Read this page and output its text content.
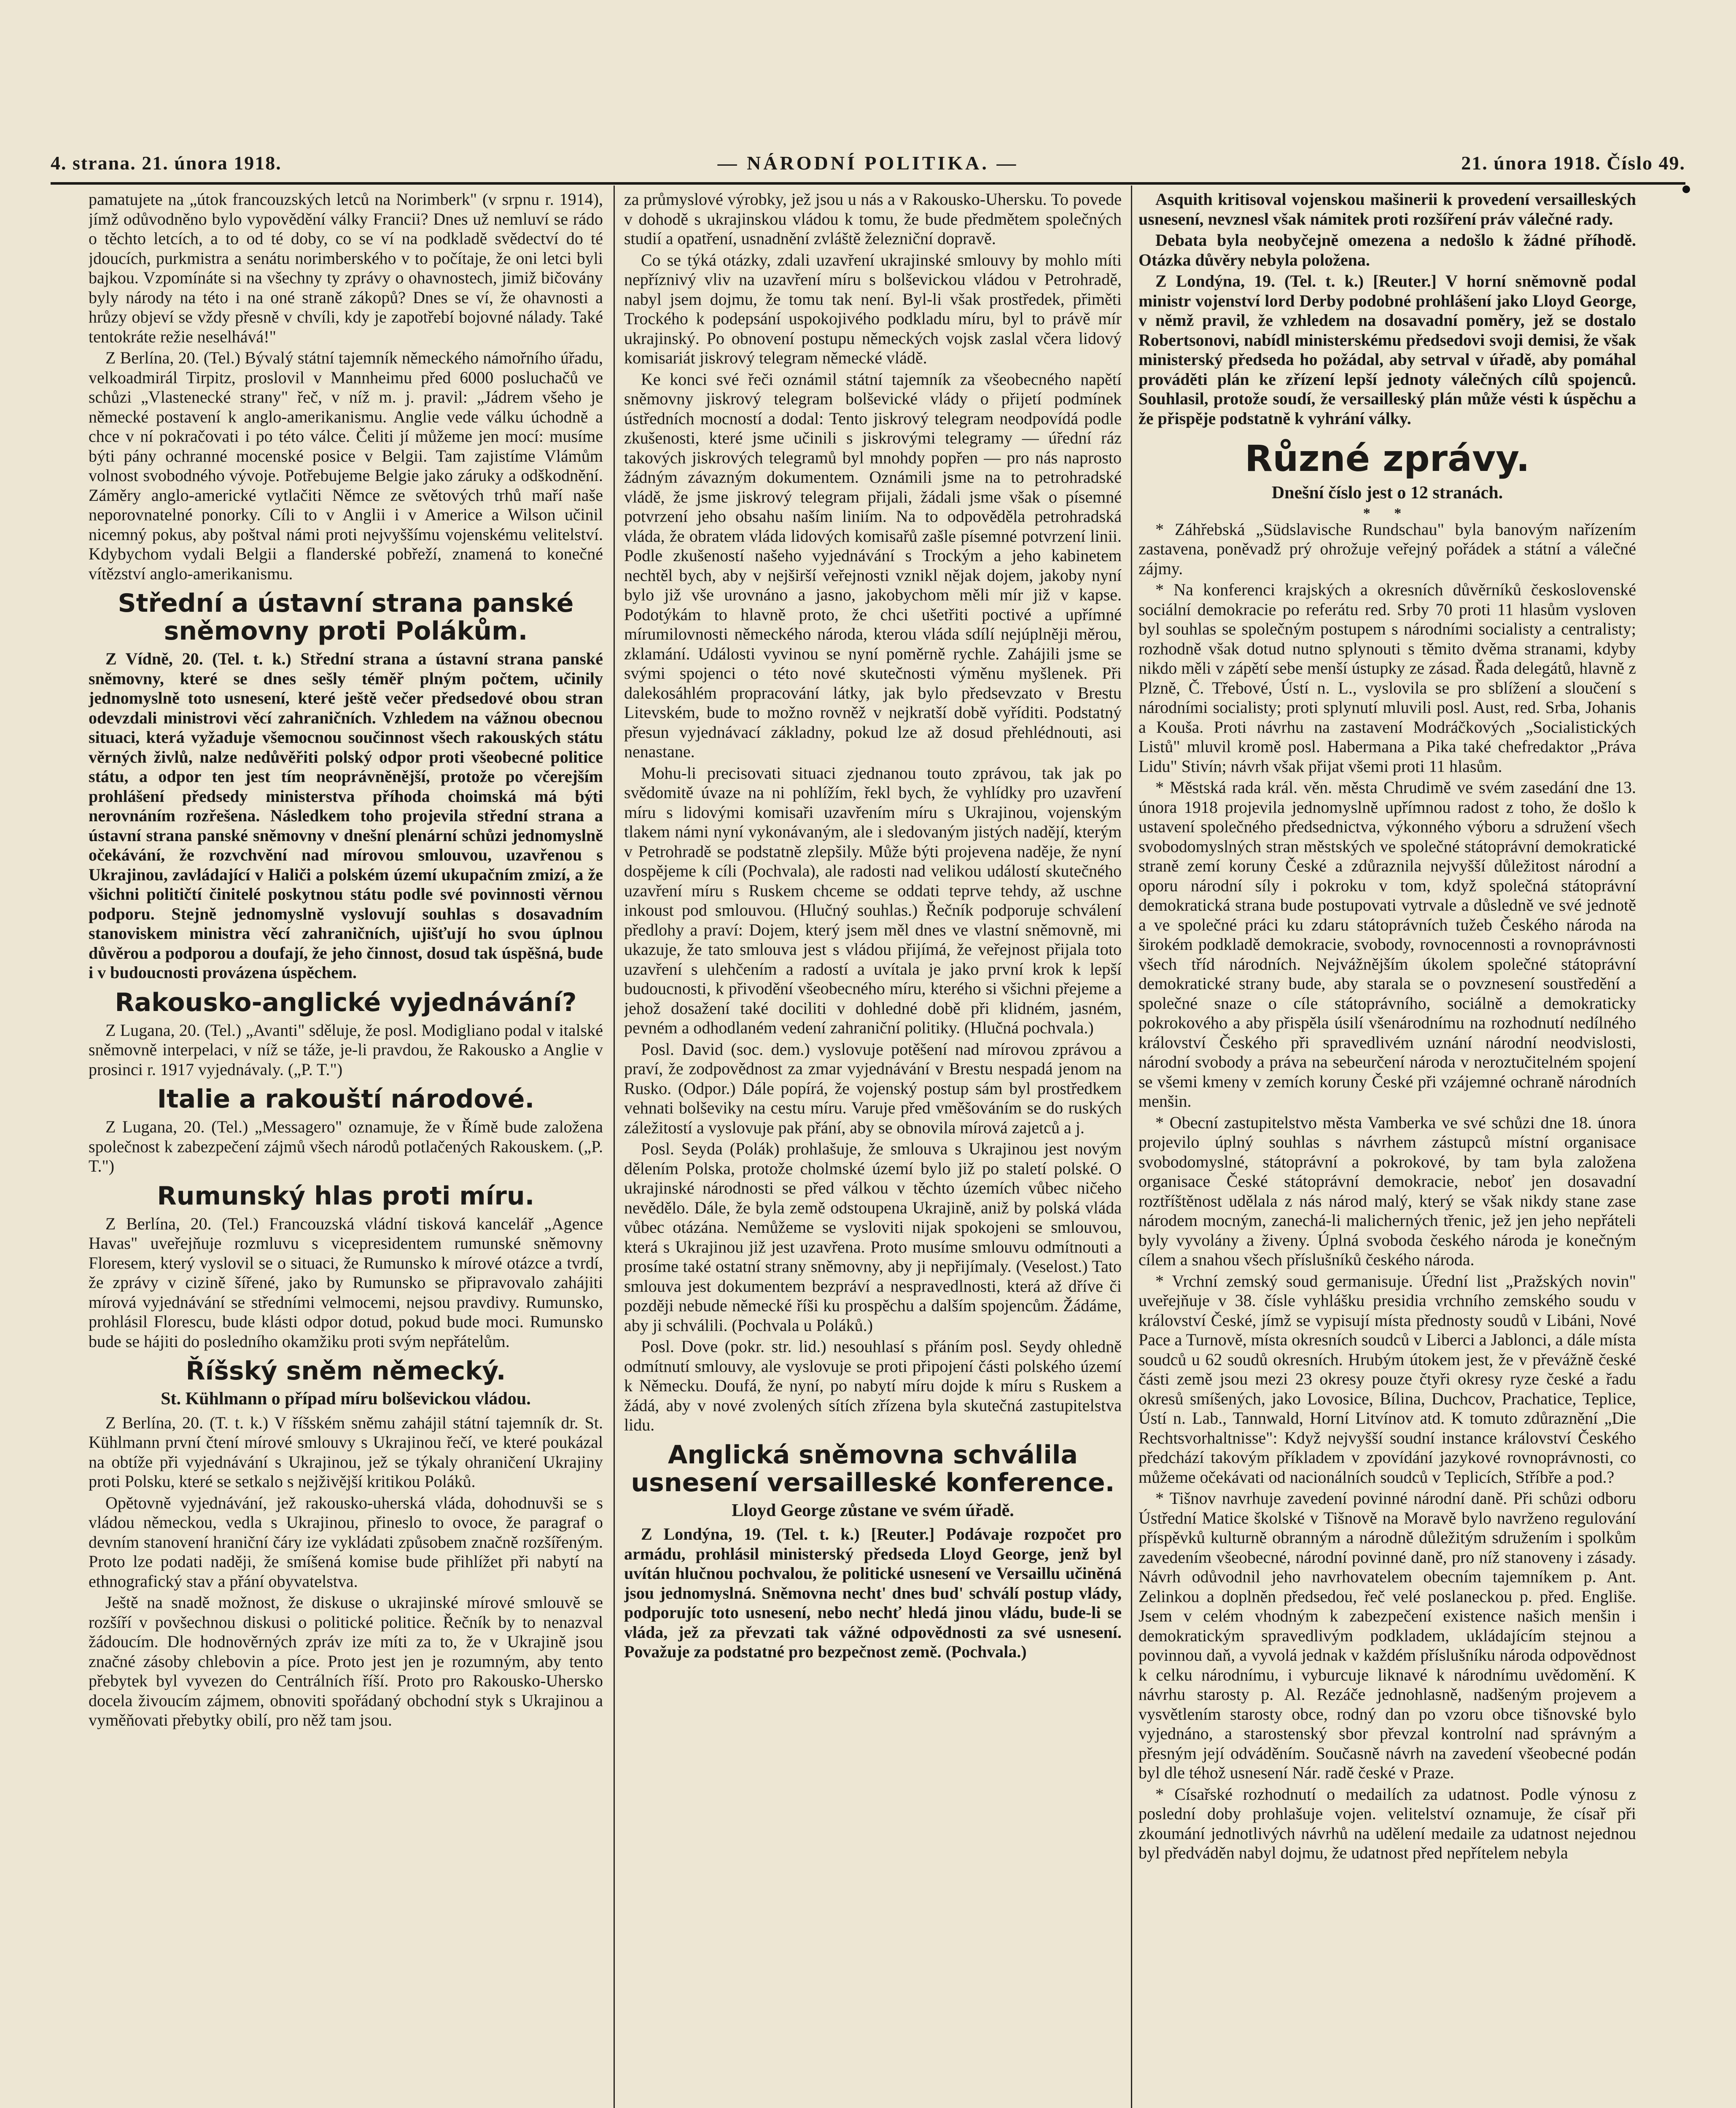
4. strana. 21. února 1918.	— NÁRODNÍ POLITIKA. —	21. února 1918. Číslo 49.

pamatujete na „útok francouzských letců na Norimberk" (v srpnu r. 1914), jímž odůvodněno bylo vypovědění války Francii? Dnes už nemluví se rádo o těchto letcích, a to od té doby, co se ví na podkladě svědectví do té jdoucích, purkmistra a senátu norimberského v to počítaje, že oni letci byli bajkou. Vzpomínáte si na všechny ty zprávy o ohavnostech, jimiž bičovány byly národy na této i na oné straně zákopů? Dnes se ví, že ohavnosti a hrůzy objeví se vždy přesně v chvíli, kdy je zapotřebí bojovné nálady. Také tentokráte režie neselhává!"

Z Berlína, 20. (Tel.) Bývalý státní tajemník německého námořního úřadu, velkoadmirál Tirpitz, proslovil v Mannheimu před 6000 posluchačů ve schůzi „Vlastenecké strany" řeč, v níž m. j. pravil: „Jádrem všeho je německé postavení k anglo-amerikanismu. Anglie vede válku úchodně a chce v ní pokračovati i po této válce. Čeliti jí můžeme jen mocí: musíme býti pány ochranné mocenské posice v Belgii. Tam zajistíme Vlámům volnost svobodného vývoje. Potřebujeme Belgie jako záruky a odškodnění. Záměry anglo-americké vytlačiti Němce ze světových trhů maří naše neporovnatelné ponorky. Cíli to v Anglii i v Americe a Wilson učinil nicemný pokus, aby poštval námi proti nejvyššímu vojenskému velitelství. Kdybychom vydali Belgii a flanderské pobřeží, znamená to konečné vítězství anglo-amerikanismu.

Střední a ústavní strana panské sněmovny proti Polákům.

Z Vídně, 20. (Tel. t. k.) Střední strana a ústavní strana panské sněmovny, které se dnes sešly téměř plným počtem, učinily jednomyslně toto usnesení, které ještě večer předsedové obou stran odevzdali ministrovi věcí zahraničních. Vzhledem na vážnou obecnou situaci, která vyžaduje všemocnou součinnost všech rakouských státu věrných živlů, nalze nedůvěřiti polský odpor proti všeobecné politice státu, a odpor ten jest tím neoprávněnější, protože po včerejším prohlášení předsedy ministerstva příhoda choimská má býti nerovnáním rozřešena. Následkem toho projevila střední strana a ústavní strana panské sněmovny v dnešní plenární schůzi jednomyslně očekávání, že rozvchvění nad mírovou smlouvou, uzavřenou s Ukrajinou, zavládající v Haliči a polském území ukupačním zmizí, a že všichni političtí činitelé poskytnou státu podle své povinnosti věrnou podporu. Stejně jednomyslně vyslovují souhlas s dosavadním stanoviskem ministra věcí zahraničních, ujišťují ho svou úplnou důvěrou a podporou a doufají, že jeho činnost, dosud tak úspěšná, bude i v budoucnosti provázena úspěchem.

Rakousko-anglické vyjednávání?

Z Lugana, 20. (Tel.) „Avanti" sděluje, že posl. Modigliano podal v italské sněmovně interpelaci, v níž se táže, je-li pravdou, že Rakousko a Anglie v prosinci r. 1917 vyjednávaly. („P. T.")

Italie a rakouští národové.

Z Lugana, 20. (Tel.) „Messagero" oznamuje, že v Římě bude založena společnost k zabezpečení zájmů všech národů potlačených Rakouskem. („P. T.")

Rumunský hlas proti míru.

Z Berlína, 20. (Tel.) Francouzská vládní tisková kancelář „Agence Havas" uveřejňuje rozmluvu s vicepresidentem rumunské sněmovny Floresem, který vyslovil se o situaci, že Rumunsko k mírové otázce a tvrdí, že zprávy v cizině šířené, jako by Rumunsko se připravovalo zahájiti mírová vyjednávání se středními velmocemi, nejsou pravdivy. Rumunsko, prohlásil Florescu, bude klásti odpor dotud, pokud bude moci. Rumunsko bude se hájiti do posledního okamžiku proti svým nepřátelům.

Říšský sněm německý.
St. Kühlmann o případ míru bolševickou vládou.

Z Berlína, 20. (T. t. k.) V říšském sněmu zahájil státní tajemník dr. St. Kühlmann první čtení mírové smlouvy s Ukrajinou řečí, ve které poukázal na obtíže při vyjednávání s Ukrajinou, jež se týkaly ohraničení Ukrajiny proti Polsku, které se setkalo s nejživější kritikou Poláků.

Opětovně vyjednávání, jež rakousko-uherská vláda, dohodnuvši se s vládou německou, vedla s Ukrajinou, přineslo to ovoce, že paragraf o devním stanovení hraniční čáry ize vykládati způsobem značně rozšířeným. Proto lze podati naději, že smíšená komise bude přihlížet při nabytí na ethnografický stav a přání obyvatelstva.

Ještě na snadě možnost, že diskuse o ukrajinské mírové smlouvě se rozšíří v povšechnou diskusi o politické politice. Řečník by to nenazval žádoucím. Dle hodnověrných zpráv ize míti za to, že v Ukrajině jsou značné zásoby chlebovin a píce. Proto jest jen je rozumným, aby tento přebytek byl vyvezen do Centrálních říší. Proto pro Rakousko-Uhersko docela živoucím zájmem, obnoviti spořádaný obchodní styk s Ukrajinou a vyměňovati přebytky obilí, pro něž tam jsou.

za průmyslové výrobky, jež jsou u nás a v Rakousko-Uhersku. To povede v dohodě s ukrajinskou vládou k tomu, že bude předmětem společných studií a opatření, usnadnění zvláště železniční dopravě.

Co se týká otázky, zdali uzavření ukrajinské smlouvy by mohlo míti nepříznivý vliv na uzavření míru s bolševickou vládou v Petrohradě, nabyl jsem dojmu, že tomu tak není. Byl-li však prostředek, přiměti Trockého k podepsání uspokojivého podkladu míru, byl to právě mír ukrajinský. Po obnovení postupu německých vojsk zaslal včera lidový komisariát jiskrový telegram německé vládě.

Ke konci své řeči oznámil státní tajemník za všeobecného napětí sněmovny jiskrový telegram bolševické vlády o přijetí podmínek ústředních mocností a dodal: Tento jiskrový telegram neodpovídá podle zkušenosti, které jsme učinili s jiskrovými telegramy — úřední ráz takových jiskrových telegramů byl mnohdy popřen — pro nás naprosto žádným závazným dokumentem. Oznámili jsme na to petrohradské vládě, že jsme jiskrový telegram přijali, žádali jsme však o písemné potvrzení jeho obsahu naším liniím. Na to odpověděla petrohradská vláda, že obratem vláda lidových komisařů zašle písemné potvrzení linii. Podle zkušeností našeho vyjednávání s Trockým a jeho kabinetem nechtěl bych, aby v nejširší veřejnosti vznikl nějak dojem, jakoby nyní bylo již vše urovnáno a jasno, jakobychom měli mír již v kapse. Podotýkám to hlavně proto, že chci ušetřiti poctivé a upřímné mírumilovnosti německého národa, kterou vláda sdílí nejúplněji měrou, zklamání. Události vyvinou se nyní poměrně rychle. Zahájili jsme se svými spojenci o této nové skutečnosti výměnu myšlenek. Při dalekosáhlém propracování látky, jak bylo předsevzato v Brestu Litevském, bude to možno rovněž v nejkratší době vyříditi. Podstatný přesun vyjednávací základny, pokud lze až dosud přehlédnouti, asi nenastane.

Mohu-li precisovati situaci zjednanou touto zprávou, tak jak po svědomitě úvaze na ni pohlížím, řekl bych, že vyhlídky pro uzavření míru s lidovými komisaři uzavřením míru s Ukrajinou, vojenským tlakem námi nyní vykonávaným, ale i sledovaným jistých nadějí, kterým v Petrohradě se podstatně zlepšily. Může býti projevena naděje, že nyní dospějeme k cíli (Pochvala), ale radosti nad velikou událostí skutečného uzavření míru s Ruskem chceme se oddati teprve tehdy, až uschne inkoust pod smlouvou. (Hlučný souhlas.) Řečník podporuje schválení předlohy a praví: Dojem, který jsem měl dnes ve vlastní sněmovně, mi ukazuje, že tato smlouva jest s vládou přijímá, že veřejnost přijala toto uzavření s ulehčením a radostí a uvítala je jako první krok k lepší budoucnosti, k přivodění všeobecného míru, kterého si všichni přejeme a jehož dosažení také dociliti v dohledné době při klidném, jasném, pevném a odhodlaném vedení zahraniční politiky. (Hlučná pochvala.)

Posl. David (soc. dem.) vyslovuje potěšení nad mírovou zprávou a praví, že zodpovědnost za zmar vyjednávání v Brestu nespadá jenom na Rusko. (Odpor.) Dále popírá, že vojenský postup sám byl prostředkem vehnati bolševiky na cestu míru. Varuje před vměšováním se do ruských záležitostí a vyslovuje pak přání, aby se obnovila mírová zajetců a j.

Posl. Seyda (Polák) prohlašuje, že smlouva s Ukrajinou jest novým dělením Polska, protože cholmské území bylo již po staletí polské. O ukrajinské národnosti se před válkou v těchto územích vůbec ničeho nevědělo. Dále, že byla země odstoupena Ukrajině, aniž by polská vláda vůbec otázána. Nemůžeme se vysloviti nijak spokojeni se smlouvou, která s Ukrajinou již jest uzavřena. Proto musíme smlouvu odmítnouti a prosíme také ostatní strany sněmovny, aby ji nepřijímaly. (Veselost.) Tato smlouva jest dokumentem bezpráví a nespravedlnosti, která až dříve či později nebude německé říši ku prospěchu a dalším spojencům. Žádáme, aby ji schválili. (Pochvala u Poláků.)

Posl. Dove (pokr. str. lid.) nesouhlasí s přáním posl. Seydy ohledně odmítnutí smlouvy, ale vyslovuje se proti připojení části polského území k Německu. Doufá, že nyní, po nabytí míru dojde k míru s Ruskem a žádá, aby v nové zvolených sítích zřízena byla skutečná zastupitelstva lidu.

Anglická sněmovna schválila usnesení versailleské konference.
Lloyd George zůstane ve svém úřadě.

Z Londýna, 19. (Tel. t. k.) [Reuter.] Podávaje rozpočet pro armádu, prohlásil ministerský předseda Lloyd George, jenž byl uvítán hlučnou pochvalou, že politické usnesení ve Versaillu učiněná jsou jednomyslná. Sněmovna necht' dnes bud' schválí postup vlády, podporujíc toto usnesení, nebo nechť hledá jinou vládu, bude-li se vláda, jež za převzati tak vážné odpovědnosti za své usnesení. Považuje za podstatné pro bezpečnost země. (Pochvala.)

Asquith kritisoval vojenskou mašinerii k provedení versailleských usnesení, nevznesl však námitek proti rozšíření práv válečné rady.

Debata byla neobyčejně omezena a nedošlo k žádné příhodě. Otázka důvěry nebyla položena.

Z Londýna, 19. (Tel. t. k.) [Reuter.] V horní sněmovně podal ministr vojenství lord Derby podobné prohlášení jako Lloyd George, v němž pravil, že vzhledem na dosavadní poměry, jež se dostalo Robertsonovi, nabídl ministerskému předsedovi svoji demisi, že však ministerský předseda ho požádal, aby setrval v úřadě, aby pomáhal prováděti plán ke zřízení lepší jednoty válečných cílů spojenců. Souhlasil, protože soudí, že versailleský plán může vésti k úspěchu a že přispěje podstatně k vyhrání války.

Různé zprávy.
Dnešní číslo jest o 12 stranách.
* *

* Záhřebská „Südslavische Rundschau" byla banovým nařízením zastavena, poněvadž prý ohrožuje veřejný pořádek a státní a válečné zájmy.

* Na konferenci krajských a okresních důvěrníků československé sociální demokracie po referátu red. Srby 70 proti 11 hlasům vysloven byl souhlas se společným postupem s národními socialisty a centralisty; rozhodně však dotud nutno splynouti s těmito dvěma stranami, kdyby nikdo měli v zápětí sebe menší ústupky ze zásad. Řada delegátů, hlavně z Plzně, Č. Třebové, Ústí n. L., vyslovila se pro sblížení a sloučení s národními socialisty; proti splynutí mluvili posl. Aust, red. Srba, Johanis a Kouša. Proti návrhu na zastavení Modráčkových „Socialistických Listů" mluvil kromě posl. Habermana a Pika také chefredaktor „Práva Lidu" Stivín; návrh však přijat všemi proti 11 hlasům.

* Městská rada král. věn. města Chrudimě ve svém zasedání dne 13. února 1918 projevila jednomyslně upřímnou radost z toho, že došlo k ustavení společného předsednictva, výkonného výboru a sdružení všech svobodomyslných stran městských ve společné státoprávní demokratické straně zemí koruny České a zdůraznila nejvyšší důležitost národní a oporu národní síly i pokroku v tom, když společná státoprávní demokratická strana bude postupovati vytrvale a důsledně ve své jednotě a ve společné práci ku zdaru státoprávních tužeb Českého národa na širokém podkladě demokracie, svobody, rovnocennosti a rovnoprávnosti všech tříd národních. Nejvážnějším úkolem společné státoprávní demokratické strany bude, aby starala se o povznesení soustředění a společné snaze o cíle státoprávního, sociálně a demokraticky pokrokového a aby přispěla úsilí všenárodnímu na rozhodnutí nedílného království Českého při spravedlivém uznání národní neodvislosti, národní svobody a práva na sebeurčení národa v neroztučitelném spojení se všemi kmeny v zemích koruny České při vzájemné ochraně národních menšin.

* Obecní zastupitelstvo města Vamberka ve své schůzi dne 18. února projevilo úplný souhlas s návrhem zástupců místní organisace svobodomyslné, státoprávní a pokrokové, by tam byla založena organisace České státoprávní demokracie, neboť jen dosavadní roztříštěnost udělala z nás národ malý, který se však nikdy stane zase národem mocným, zanechá-li malicherných třenic, jež jen jeho nepřáteli byly vyvolány a živeny. Úplná svoboda českého národa je konečným cílem a snahou všech příslušníků českého národa.

* Vrchní zemský soud germanisuje. Úřední list „Pražských novin" uveřejňuje v 38. čísle vyhlášku presidia vrchního zemského soudu v království České, jímž se vypisují místa přednosty soudů v Libáni, Nové Pace a Turnově, místa okresních soudců v Liberci a Jablonci, a dále místa soudců u 62 soudů okresních. Hrubým útokem jest, že v převážně české části země jsou mezi 23 okresy pouze čtyři okresy ryze české a řadu okresů smíšených, jako Lovosice, Bílina, Duchcov, Prachatice, Teplice, Ústí n. Lab., Tannwald, Horní Litvínov atd. K tomuto zdůraznění „Die Rechtsvorhaltnisse": Když nejvyšší soudní instance království Českého předchází takovým příkladem v zpovídání jazykové rovnoprávnosti, co můžeme očekávati od nacionálních soudců v Teplicích, Stříbře a pod.?

* Tišnov navrhuje zavedení povinné národní daně. Při schůzi odboru Ústřední Matice školské v Tišnově na Moravě bylo navrženo regulování příspěvků kulturně obranným a národně důležitým sdružením i spolkům zavedením všeobecné, národní povinné daně, pro níž stanoveny i zásady. Návrh odůvodnil jeho navrhovatelem obecním tajemníkem p. Ant. Zelinkou a doplněn předsedou, řeč velé poslaneckou p. před. Engliše. Jsem v celém vhodným k zabezpečení existence našich menšin i demokratickým spravedlivým podkladem, ukládajícím stejnou a povinnou daň, a vyvolá jednak v každém příslušníku národa odpovědnost k celku národnímu, i vyburcuje liknavé k národnímu uvědomění. K návrhu starosty p. Al. Rezáče jednohlasně, nadšeným projevem a vysvětlením starosty obce, rodný dan po vzoru obce tišnovské bylo vyjednáno, a starostenský sbor převzal kontrolní nad správným a přesným její odváděním. Současně návrh na zavedení všeobecné podán byl dle téhož usnesení Nár. radě české v Praze.

* Císařské rozhodnutí o medailích za udatnost. Podle výnosu z poslední doby prohlašuje vojen. velitelství oznamuje, že císař při zkoumání jednotlivých návrhů na udělení medaile za udatnost nejednou byl předváděn nabyl dojmu, že udatnost před nepřítelem nebyla
